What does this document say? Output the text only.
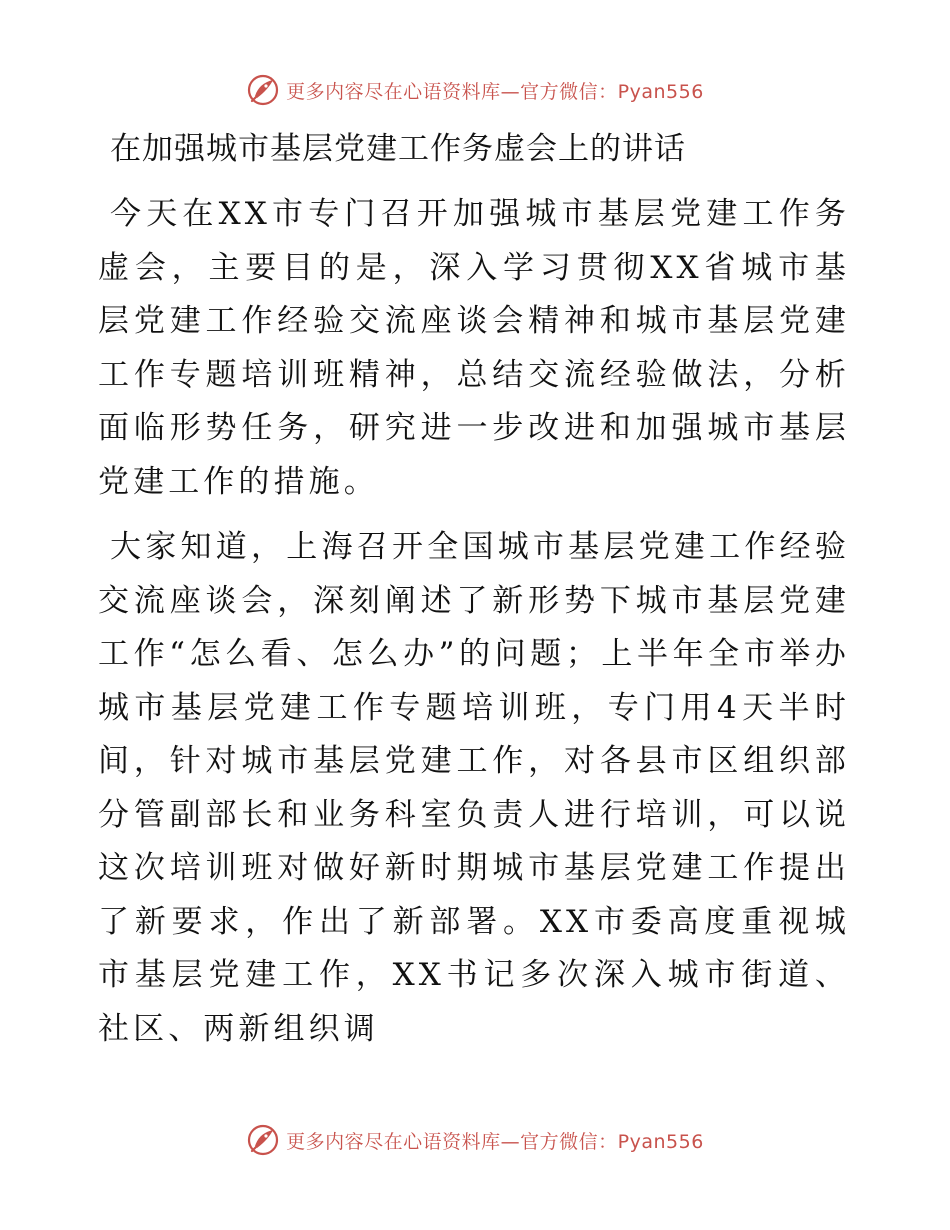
更多内容尽在心语资料库—官方微信：Pyan556
在加强城市基层党建工作务虚会上的讲话

今天在XX市专门召开加强城市基层党建工作务虚会，主要目的是，深入学习贯彻XX省城市基层党建工作经验交流座谈会精神和城市基层党建工作专题培训班精神，总结交流经验做法，分析面临形势任务，研究进一步改进和加强城市基层党建工作的措施。

大家知道，上海召开全国城市基层党建工作经验交流座谈会，深刻阐述了新形势下城市基层党建工作“怎么看、怎么办”的问题；上半年全市举办城市基层党建工作专题培训班，专门用4天半时间，针对城市基层党建工作，对各县市区组织部分管副部长和业务科室负责人进行培训，可以说这次培训班对做好新时期城市基层党建工作提出了新要求，作出了新部署。XX市委高度重视城市基层党建工作，XX书记多次深入城市街道、社区、两新组织调

更多内容尽在心语资料库—官方微信：Pyan556
